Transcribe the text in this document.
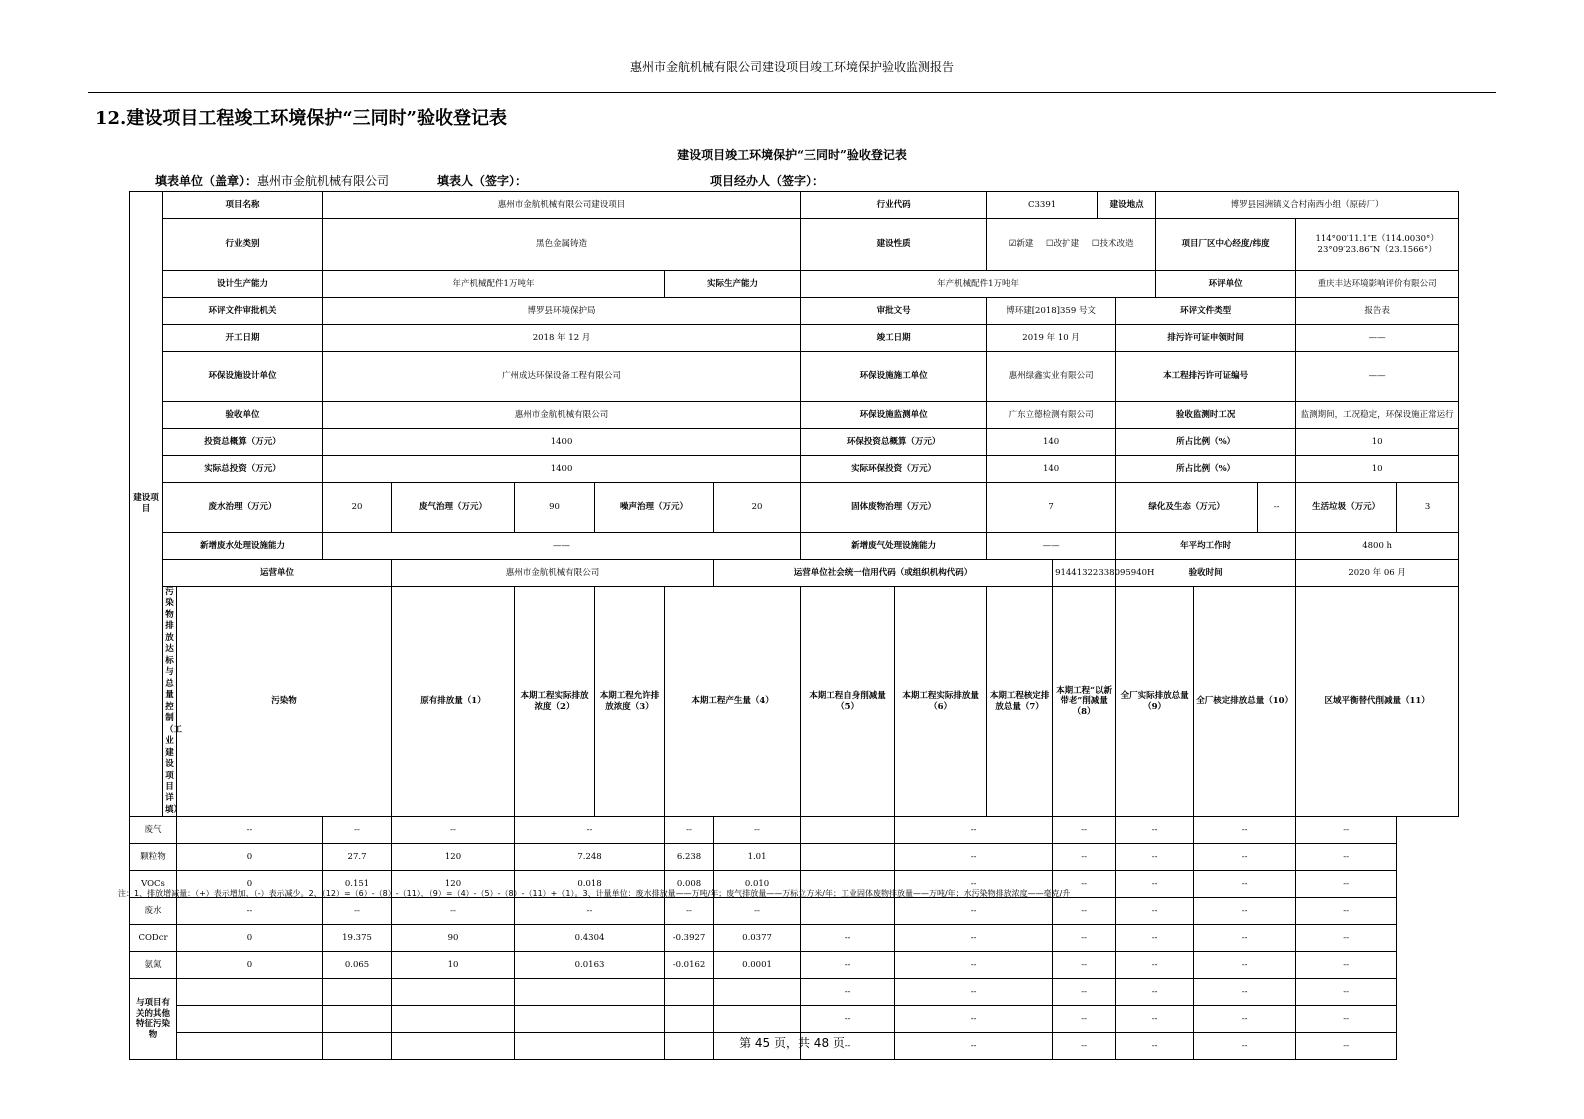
惠州市金航机械有限公司建设项目竣工环境保护验收监测报告
12.建设项目工程竣工环境保护“三同时”验收登记表
建设项目竣工环境保护“三同时”验收登记表
填表单位（盖章）：惠州市金航机械有限公司	填表人（签字）：	项目经办人（签字）：
建设项目	项目名称		惠州市金航机械有限公司建设项目						行业代码		C3391		建设地点		博罗县园洲镇义合村南西小组（原砖厂）					
	行业类别		黑色金属铸造						建设性质		☑新建 ☐改扩建 ☐技术改造				项目厂区中心经度/纬度			114°00′11.1″E（114.0030°） 23°09′23.86″N（23.1566°）		
	设计生产能力		年产机械配件1万吨年				实际生产能力		年产机械配件1万吨年						环评单位			重庆丰达环境影响评价有限公司		
	环评文件审批机关		博罗县环境保护局						审批文号		博环建[2018]359 号文			环评文件类型				报告表		
	开工日期		2018 年 12 月						竣工日期		2019 年 10 月			排污许可证申领时间				——		
	环保设施设计单位		广州成达环保设备工程有限公司						环保设施施工单位		惠州绿鑫实业有限公司			本工程排污许可证编号				——		
	验收单位		惠州市金航机械有限公司						环保设施监测单位		广东立德检测有限公司			验收监测时工况				监测期间，工况稳定，环保设施正常运行		
	投资总概算（万元）		1400						环保投资总概算（万元）		140			所占比例（%）				10		
	实际总投资（万元）		1400						实际环保投资（万元）		140			所占比例（%）				10		
	废水治理（万元）		20	废气治理（万元）	90	噪声治理（万元）		20	固体废物治理（万元）		7			绿化及生态（万元）			--	生活垃圾（万元）	3	
	新增废水处理设施能力		——						新增废气处理设施能力		——			年平均工作时				4800 h		
	运营单位			惠州市金航机械有限公司				运营单位社会统一信用代码（或组织机构代码）				91441322338095940H		验收时间				2020 年 06 月		

	污染物排放达标与总量控制（工业建设项目详填）	污染物		原有排放量（1）	本期工程实际排放浓度（2）	本期工程允许排放浓度（3）	本期工程产生量（4）		本期工程自身削减量（5）	本期工程实际排放量（6）	本期工程核定排放总量（7）	本期工程“以新带老”削减量（8）		全厂实际排放总量（9）		全厂核定排放总量（10）		区域平衡替代削减量（11）	
废气		--	--	--	--		--	--		--		--		--		--		--		
颗粒物		0	27.7	120	7.248		6.238	1.01		--		--		--		--		--		
VOCs		0	0.151	120	0.018		0.008	0.010		--		--		--		--		--		
废水		--	--	--	--		--	--		--		--		--		--		--		
CODcr		0	19.375	90	0.4304		-0.3927	0.0377	--	--		--		--		--		--		
氨氮		0	0.065	10	0.0163		-0.0162	0.0001	--	--		--		--		--		--		
与项目有关的其他特征污染物									--	--		--		--		--		--		
									--	--		--		--		--		--		
									--	--		--		--		--		--		
注：1、排放增减量：（+）表示增加，（-）表示减少。2、（12）=（6）-（8）-（11），（9）=（4）-（5）-（8）-（11）+（1）。3、计量单位：废水排放量——万吨/年；废气排放量——万标立方米/年；工业固体废物排放量——万吨/年；水污染物排放浓度——毫克/升
第 45 页，共 48 页
